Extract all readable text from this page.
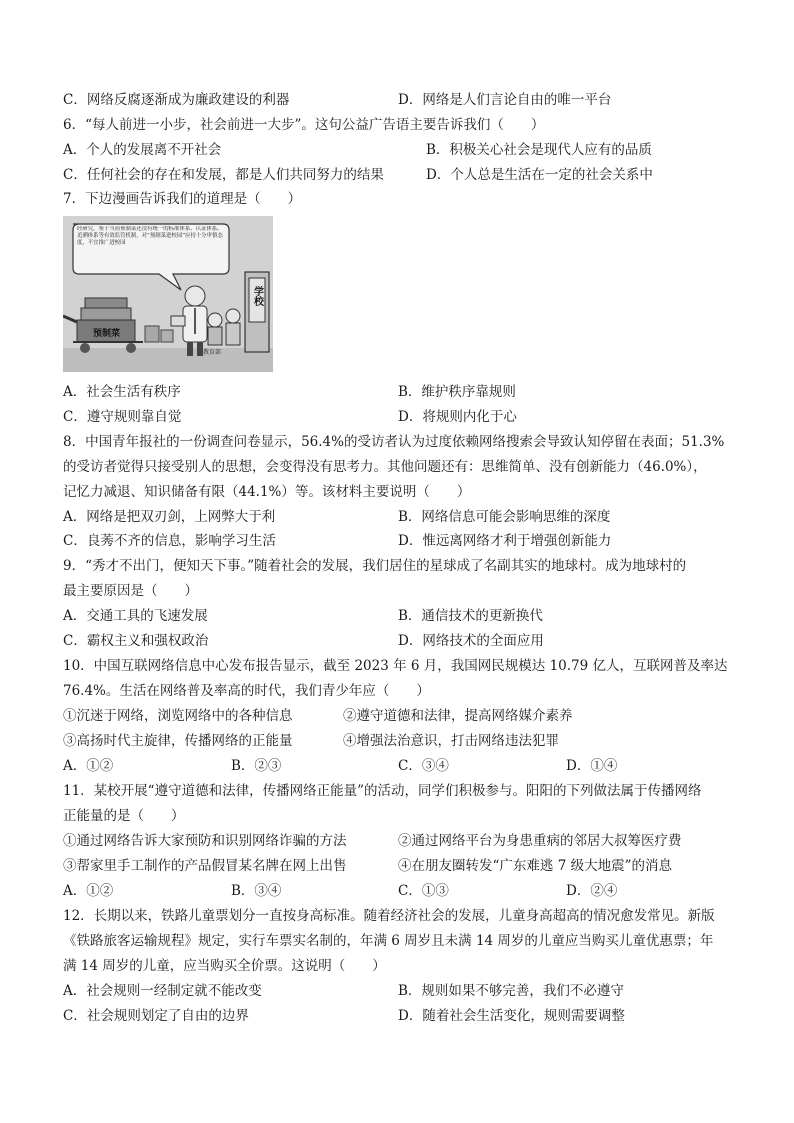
C．网络反腐逐渐成为廉政建设的利器	D．网络是人们言论自由的唯一平台
6．“每人前进一小步，社会前进一大步”。这句公益广告语主要告诉我们（　　）
A．个人的发展离不开社会	B．积极关心社会是现代人应有的品质
C．任何社会的存在和发展，都是人们共同努力的结果	D．个人总是生活在一定的社会关系中
7．下边漫画告诉我们的道理是（　　）
经研究，鉴于当前预制菜还没有统一的标准体系、认证体系、追溯体系等有效监管机制，对“预制菜进校园”应持十分审慎态度，不宜推广进校园
预制菜
教育部
学校
A．社会生活有秩序	B．维护秩序靠规则
C．遵守规则靠自觉	D．将规则内化于心
8．中国青年报社的一份调查问卷显示，56.4%的受访者认为过度依赖网络搜索会导致认知停留在表面；51.3%
的受访者觉得只接受别人的思想，会变得没有思考力。其他问题还有：思维简单、没有创新能力（46.0%），
记忆力减退、知识储备有限（44.1%）等。该材料主要说明（　　）
A．网络是把双刃剑，上网弊大于利	B．网络信息可能会影响思维的深度
C．良莠不齐的信息，影响学习生活	D．惟远离网络才利于增强创新能力
9．“秀才不出门，便知天下事。”随着社会的发展，我们居住的星球成了名副其实的地球村。成为地球村的
最主要原因是（　　）
A．交通工具的飞速发展	B．通信技术的更新换代
C．霸权主义和强权政治	D．网络技术的全面应用
10．中国互联网络信息中心发布报告显示，截至 2023 年 6 月，我国网民规模达 10.79 亿人，互联网普及率达
76.4%。生活在网络普及率高的时代，我们青少年应（　　）
①沉迷于网络，浏览网络中的各种信息	②遵守道德和法律，提高网络媒介素养
③高扬时代主旋律，传播网络的正能量	④增强法治意识，打击网络违法犯罪
A．①②	B．②③	C．③④	D．①④
11．某校开展“遵守道德和法律，传播网络正能量”的活动，同学们积极参与。阳阳的下列做法属于传播网络
正能量的是（　　）
①通过网络告诉大家预防和识别网络诈骗的方法	②通过网络平台为身患重病的邻居大叔筹医疗费
③帮家里手工制作的产品假冒某名牌在网上出售	④在朋友圈转发“广东难逃 7 级大地震”的消息
A．①②	B．③④	C．①③	D．②④
12．长期以来，铁路儿童票划分一直按身高标准。随着经济社会的发展，儿童身高超高的情况愈发常见。新版
《铁路旅客运输规程》规定，实行车票实名制的，年满 6 周岁且未满 14 周岁的儿童应当购买儿童优惠票；年
满 14 周岁的儿童，应当购买全价票。这说明（　　）
A．社会规则一经制定就不能改变	B．规则如果不够完善，我们不必遵守
C．社会规则划定了自由的边界	D．随着社会生活变化，规则需要调整
